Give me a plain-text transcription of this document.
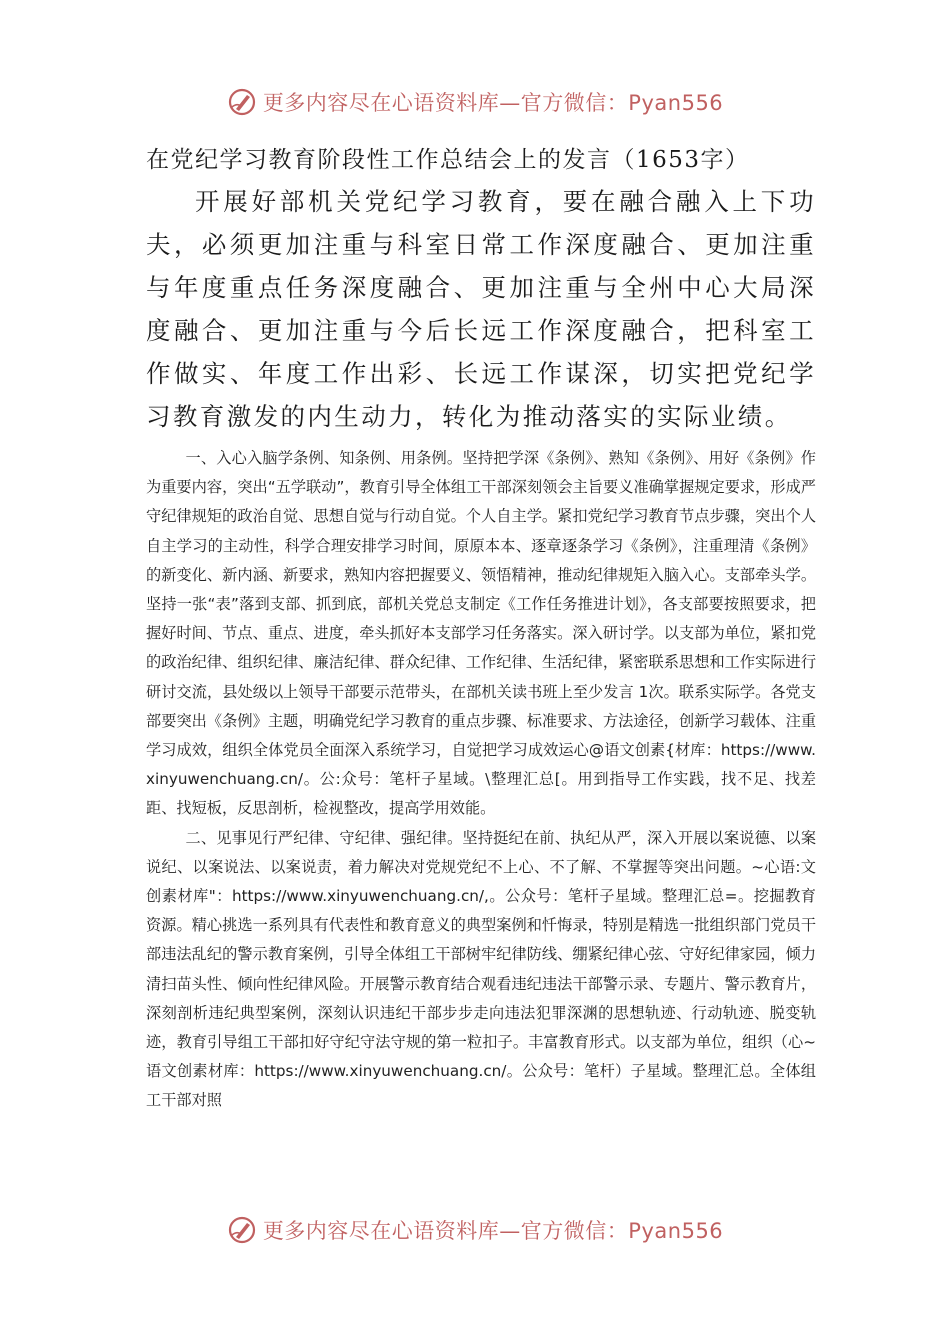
更多内容尽在心语资料库—官方微信：Pyan556

在党纪学习教育阶段性工作总结会上的发言（1653字）

开展好部机关党纪学习教育，要在融合融入上下功夫，必须更加注重与科室日常工作深度融合、更加注重与年度重点任务深度融合、更加注重与全州中心大局深度融合、更加注重与今后长远工作深度融合，把科室工作做实、年度工作出彩、长远工作谋深，切实把党纪学习教育激发的内生动力，转化为推动落实的实际业绩。

一、入心入脑学条例、知条例、用条例。坚持把学深《条例》、熟知《条例》、用好《条例》作为重要内容，突出“五学联动”，教育引导全体组工干部深刻领会主旨要义准确掌握规定要求，形成严守纪律规矩的政治自觉、思想自觉与行动自觉。个人自主学。紧扣党纪学习教育节点步骤，突出个人自主学习的主动性，科学合理安排学习时间，原原本本、逐章逐条学习《条例》，注重理清《条例》的新变化、新内涵、新要求，熟知内容把握要义、领悟精神，推动纪律规矩入脑入心。支部牵头学。坚持一张“表”落到支部、抓到底，部机关党总支制定《工作任务推进计划》，各支部要按照要求，把握好时间、节点、重点、进度，牵头抓好本支部学习任务落实。深入研讨学。以支部为单位，紧扣党的政治纪律、组织纪律、廉洁纪律、群众纪律、工作纪律、生活纪律，紧密联系思想和工作实际进行研讨交流，县处级以上领导干部要示范带头，在部机关读书班上至少发言 1次。联系实际学。各党支部要突出《条例》主题，明确党纪学习教育的重点步骤、标准要求、方法途径，创新学习载体、注重学习成效，组织全体党员全面深入系统学习，自觉把学习成效运心@语文创素{材库：https://www.xinyuwenchuang.cn/。公:众号：笔杆子星域。\整理汇总[。用到指导工作实践，找不足、找差距、找短板，反思剖析，检视整改，提高学用效能。

二、见事见行严纪律、守纪律、强纪律。坚持挺纪在前、执纪从严，深入开展以案说德、以案说纪、以案说法、以案说责，着力解决对党规党纪不上心、不了解、不掌握等突出问题。~心语:文创素材库"：https://www.xinyuwenchuang.cn/,。公众号：笔杆子星域。整理汇总=。挖掘教育资源。精心挑选一系列具有代表性和教育意义的典型案例和忏悔录，特别是精选一批组织部门党员干部违法乱纪的警示教育案例，引导全体组工干部树牢纪律防线、绷紧纪律心弦、守好纪律家园，倾力清扫苗头性、倾向性纪律风险。开展警示教育结合观看违纪违法干部警示录、专题片、警示教育片，深刻剖析违纪典型案例，深刻认识违纪干部步步走向违法犯罪深渊的思想轨迹、行动轨迹、脱变轨迹，教育引导组工干部扣好守纪守法守规的第一粒扣子。丰富教育形式。以支部为单位，组织（心~语文创素材库：https://www.xinyuwenchuang.cn/。公众号：笔杆）子星域。整理汇总。全体组工干部对照

更多内容尽在心语资料库—官方微信：Pyan556
